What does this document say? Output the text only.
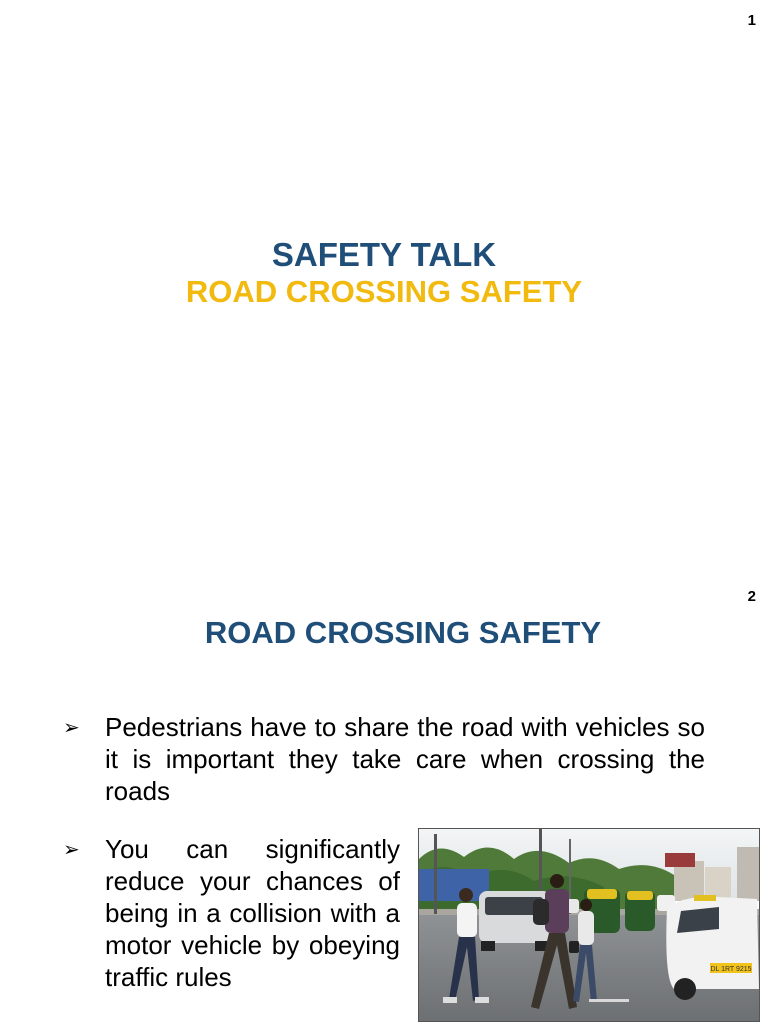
1
SAFETY TALK
ROAD CROSSING SAFETY
2
ROAD CROSSING SAFETY
➢ Pedestrians have to share the road with vehicles so it is important they take care when crossing the roads
➢ You can significantly reduce your chances of being in a collision with a motor vehicle by obeying traffic rules	DL 1RT 9215
